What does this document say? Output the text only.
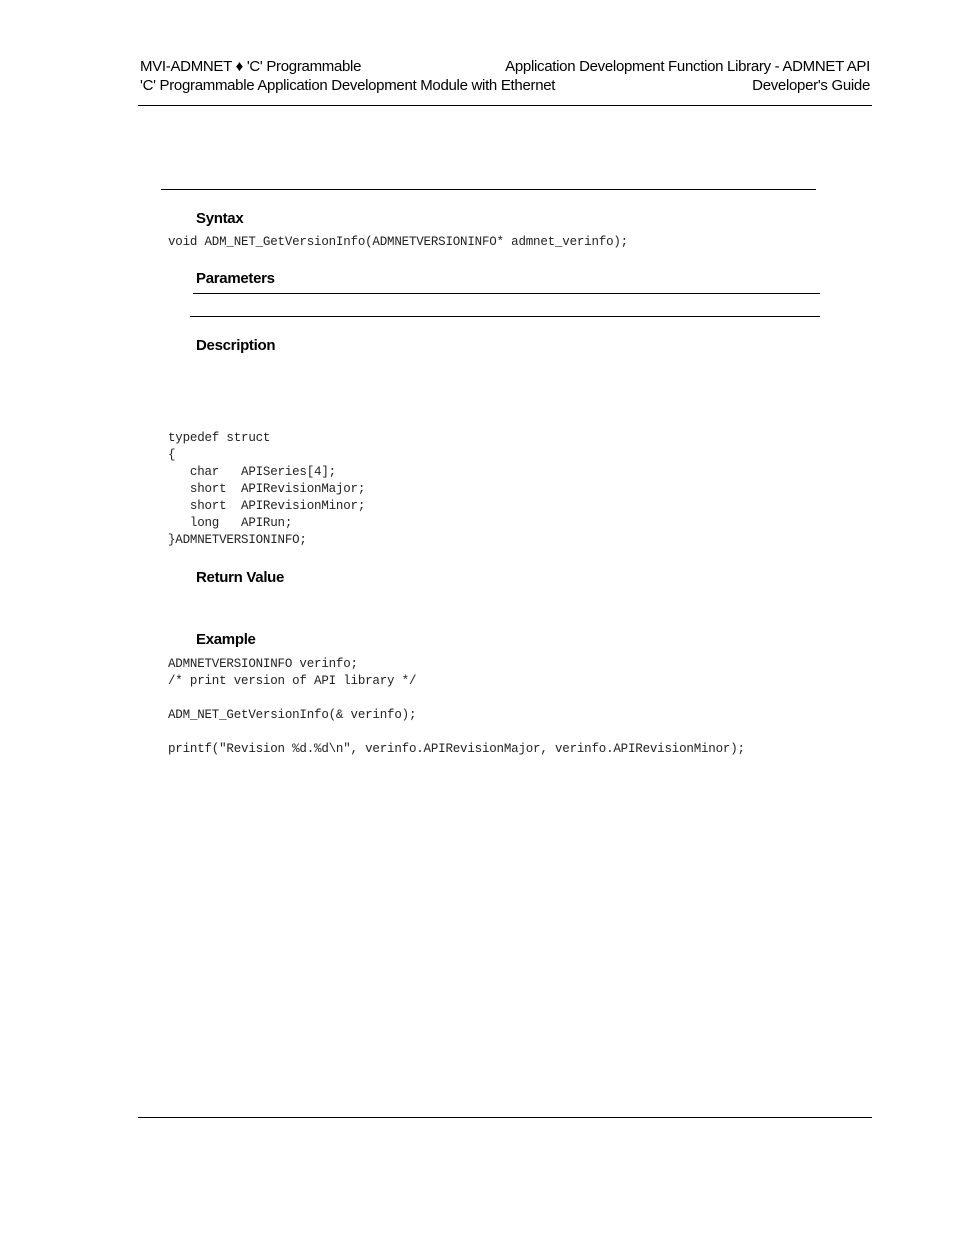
MVI-ADMNET ♦ 'C' Programmable
'C' Programmable Application Development Module with Ethernet
Application Development Function Library - ADMNET API
Developer's Guide
Syntax
void ADM_NET_GetVersionInfo(ADMNETVERSIONINFO* admnet_verinfo);
Parameters
Description
typedef struct
{
char   APISeries[4];
short  APIRevisionMajor;
short  APIRevisionMinor;
long   APIRun;
}ADMNETVERSIONINFO;
Return Value
Example
ADMNETVERSIONINFO verinfo;
/* print version of API library */

ADM_NET_GetVersionInfo(& verinfo);

printf("Revision %d.%d\n", verinfo.APIRevisionMajor, verinfo.APIRevisionMinor);
